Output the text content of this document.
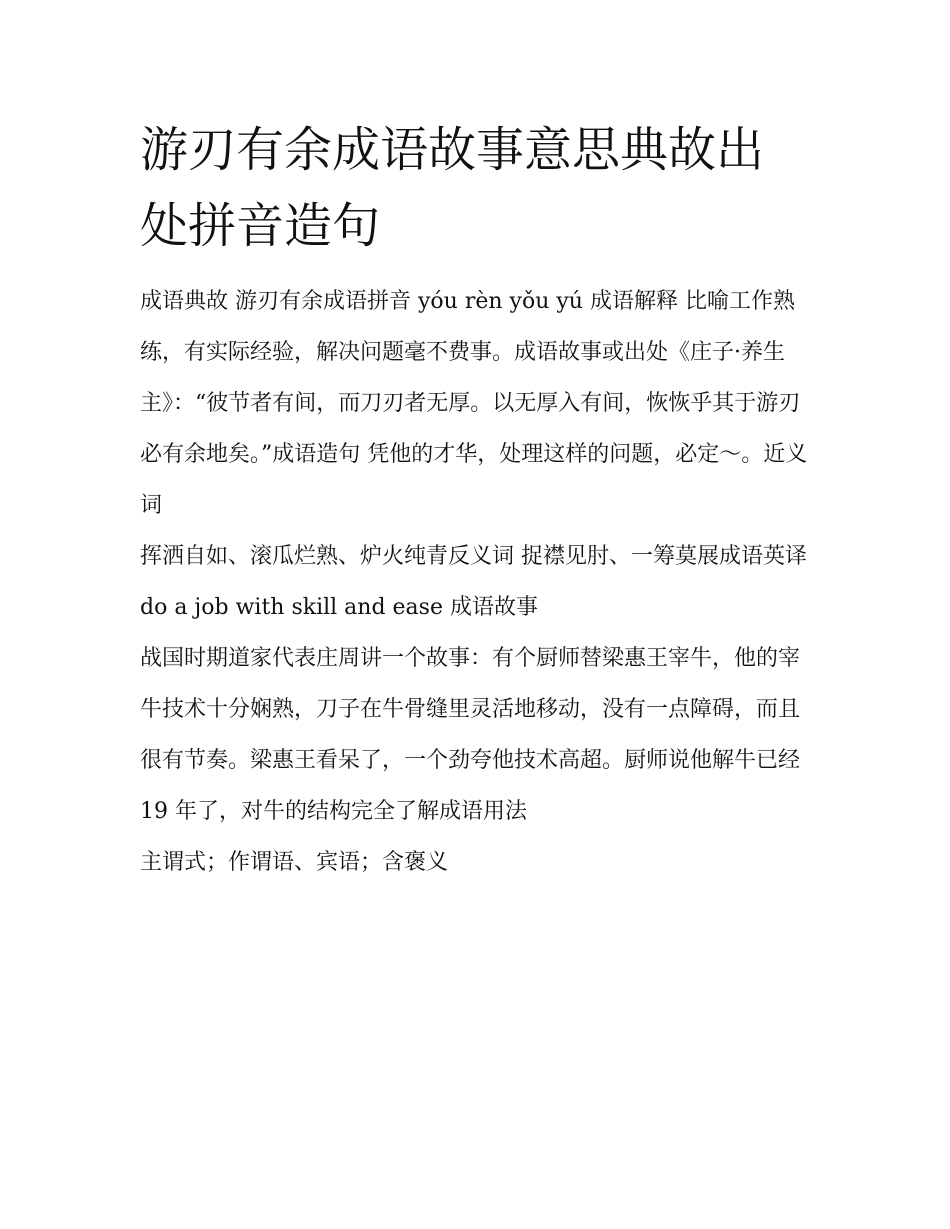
游刃有余成语故事意思典故出处拼音造句

成语典故 游刃有余成语拼音 yóu rèn yǒu yú 成语解释 比喻工作熟练，有实际经验，解决问题毫不费事。成语故事或出处《庄子·养生主》：“彼节者有间，而刀刃者无厚。以无厚入有间，恢恢乎其于游刃必有余地矣。”成语造句 凭他的才华，处理这样的问题，必定～。近义词

挥洒自如、滚瓜烂熟、炉火纯青反义词 捉襟见肘、一筹莫展成语英译 do a job with skill and ease 成语故事

战国时期道家代表庄周讲一个故事：有个厨师替梁惠王宰牛，他的宰牛技术十分娴熟，刀子在牛骨缝里灵活地移动，没有一点障碍，而且很有节奏。梁惠王看呆了，一个劲夸他技术高超。厨师说他解牛已经 19 年了，对牛的结构完全了解成语用法

主谓式；作谓语、宾语；含褒义
